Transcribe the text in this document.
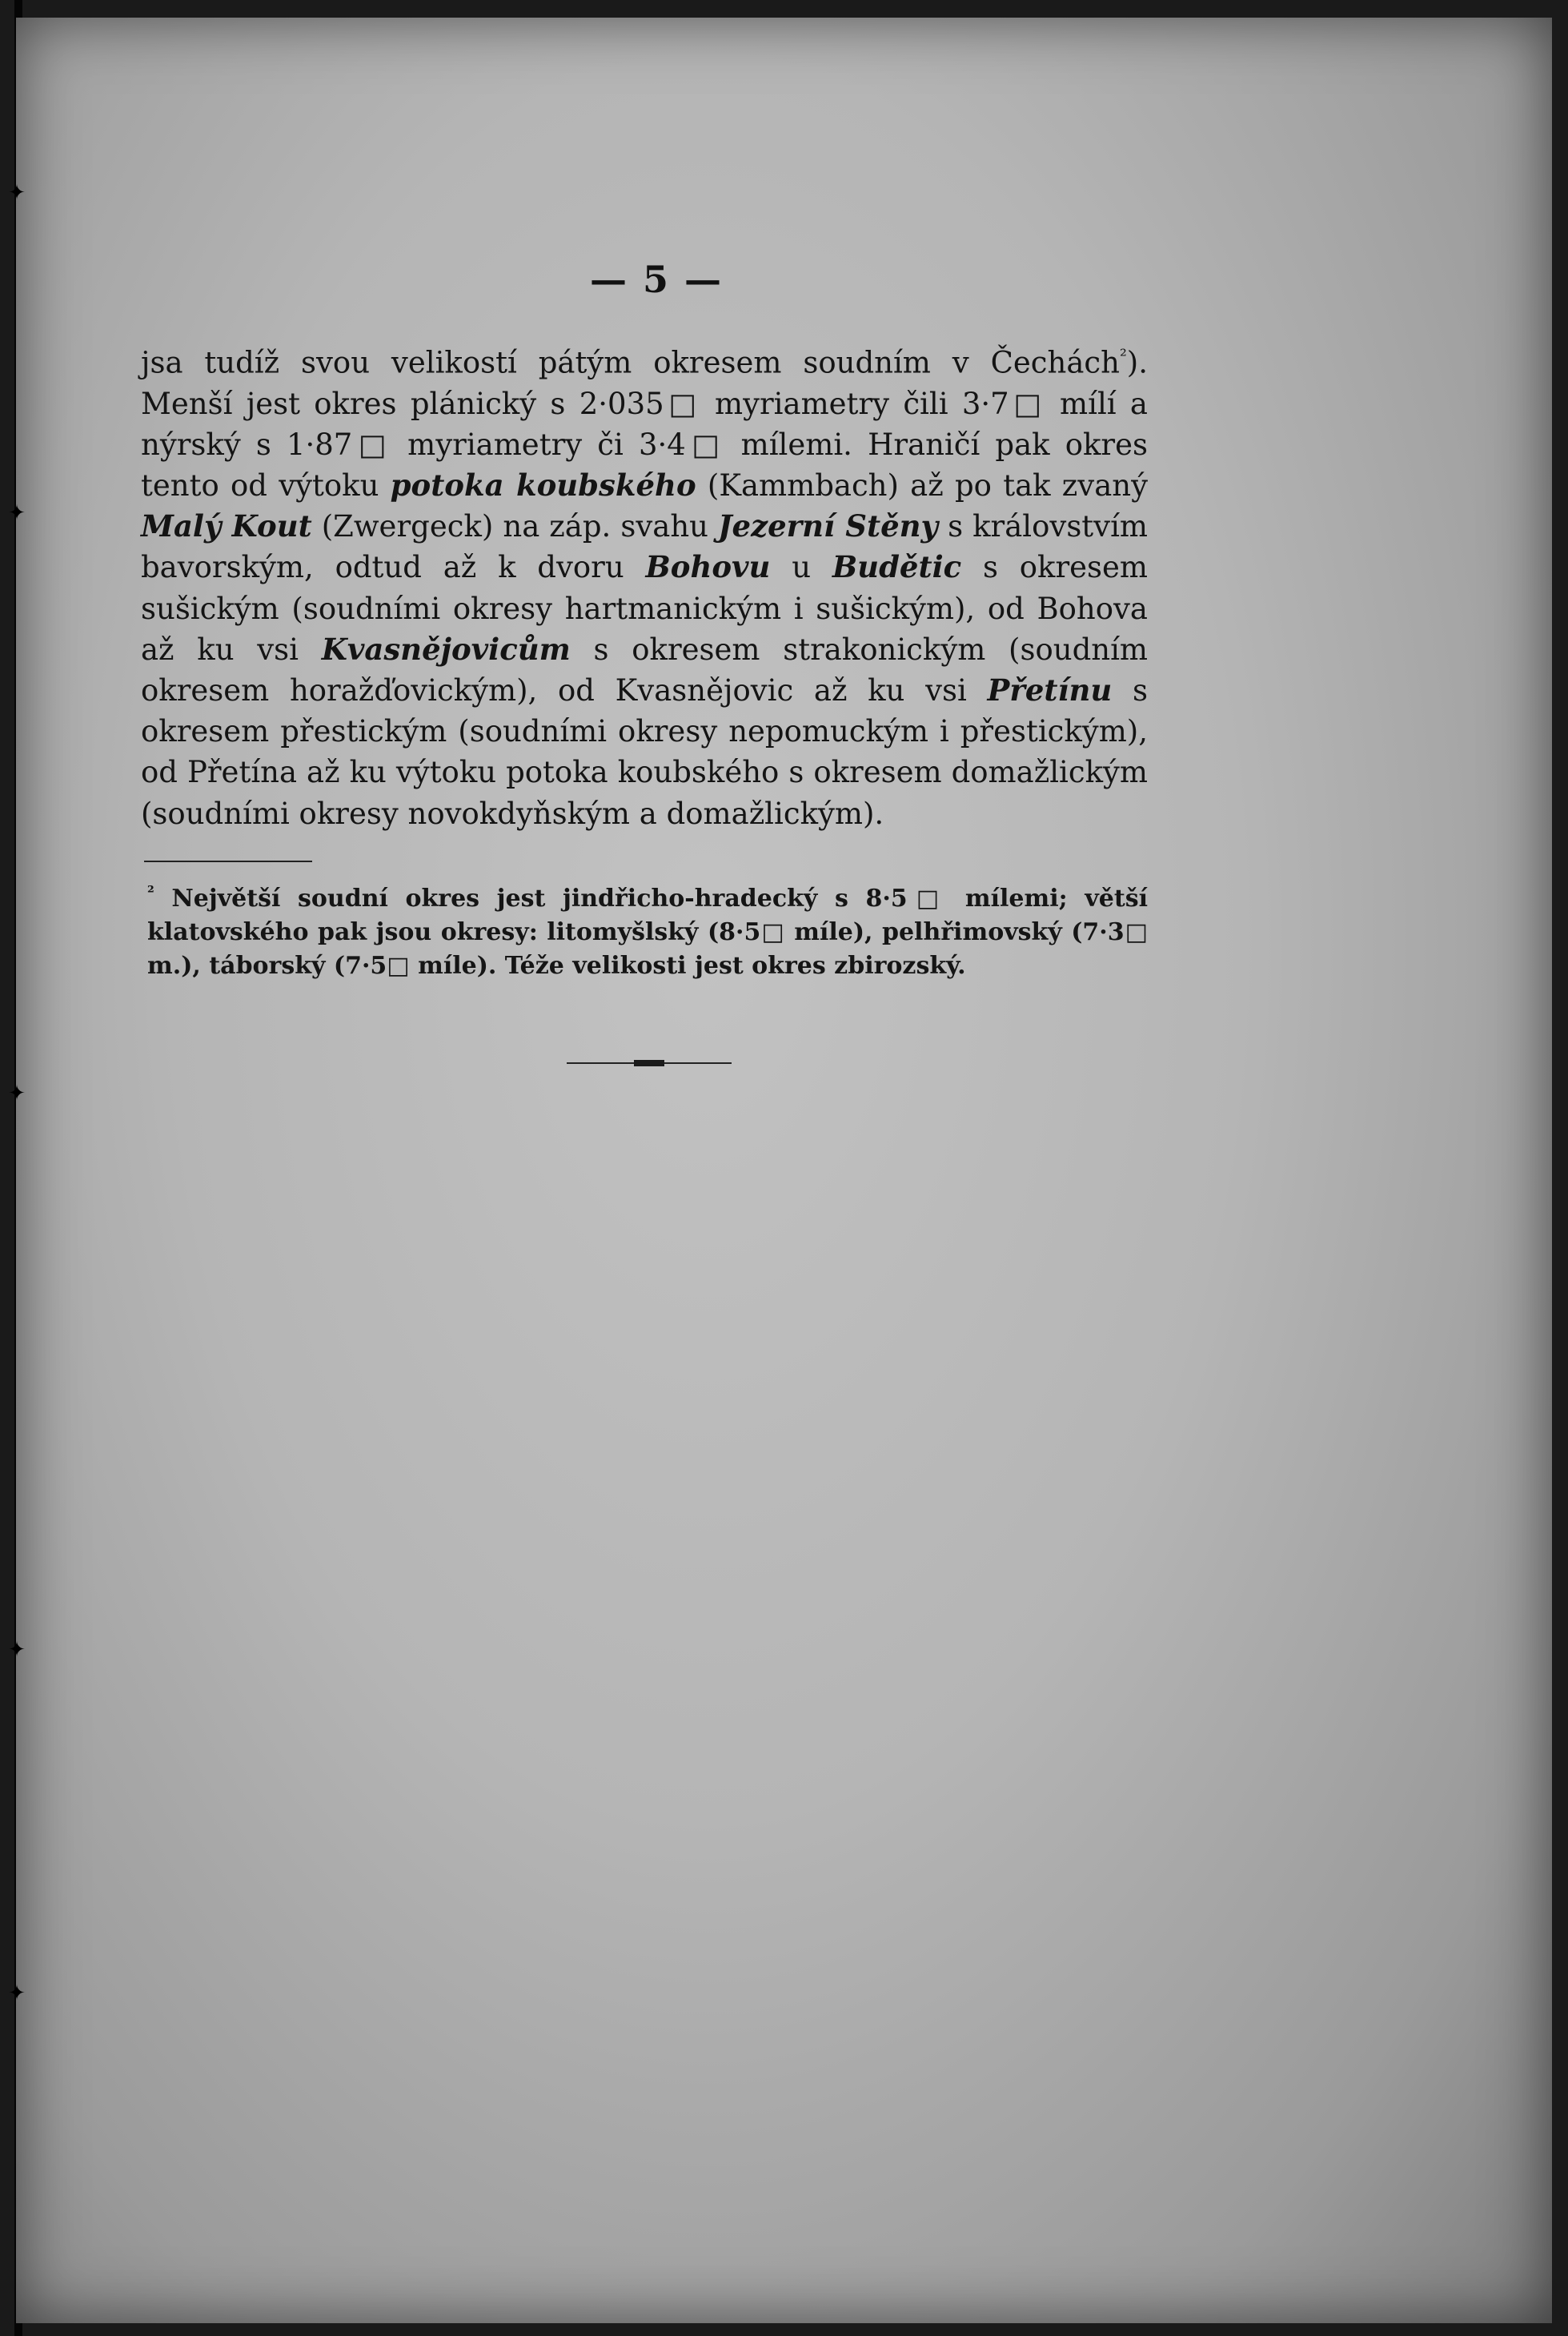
✦
✦
✦
✦
✦
— 5 —

jsa tudíž svou velikostí pátým okresem soudním v Čechách$^{^2}$). Menší jest okres plánický s 2·035□ myriametry čili 3·7□ mílí a nýrský s 1·87□ myriametry či 3·4□ mílemi. Hraničí pak okres tento od výtoku potoka koubského (Kammbach) až po tak zvaný Malý Kout (Zwergeck) na záp. svahu Jezerní Stěny s královstvím bavorským, odtud až k dvoru Bohovu u Budětic s okresem sušickým (soudními okresy hartmanickým i sušickým), od Bohova až ku vsi Kvasnějovicům s okresem strakonickým (soudním okresem horažďovickým), od Kvasnějovic až ku vsi Přetínu s okresem přestickým (soudními okresy nepomuckým i přestickým), od Přetína až ku výtoku potoka koubského s okresem domažlickým (soudními okresy novokdyňským a domažlickým).

$^{^2}$ Největší soudní okres jest jindřicho-hradecký s 8·5□ mílemi; větší klatovského pak jsou okresy: litomyšlský (8·5□ míle), pelhřimovský (7·3□ m.), táborský (7·5□ míle). Téže velikosti jest okres zbirozský.
